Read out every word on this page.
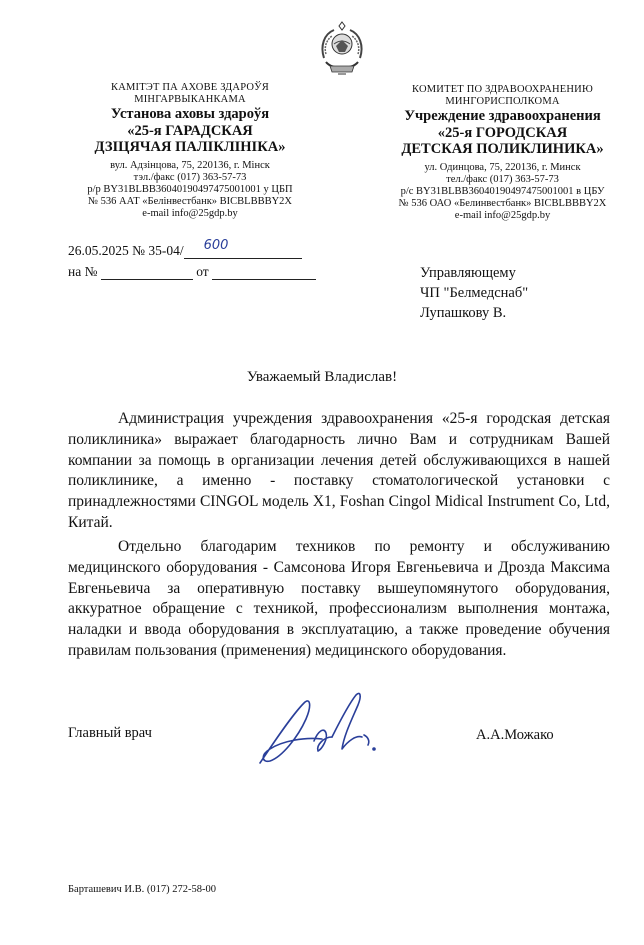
КАМІТЭТ ПА АХОВЕ ЗДАРОЎЯ
МІНГАРВЫКАНКАМА
Установа аховы здароўя
«25-я ГАРАДСКАЯ
ДЗІЦЯЧАЯ ПАЛІКЛІНІКА»
вул. Адзінцова, 75, 220136, г. Мінск
тэл./факс (017) 363-57-73
р/р BY31BLBB36040190497475001001 у ЦБП
№ 536 ААТ «Белінвестбанк» BICBLBBBY2X
e-mail info@25gdp.by
КОМИТЕТ ПО ЗДРАВООХРАНЕНИЮ
МИНГОРИСПОЛКОМА
Учреждение здравоохранения
«25-я ГОРОДСКАЯ
ДЕТСКАЯ ПОЛИКЛИНИКА»
ул. Одинцова, 75, 220136, г. Минск
тел./факс (017) 363-57-73
р/с BY31BLBB36040190497475001001 в ЦБУ
№ 536 ОАО «Белинвестбанк» BICBLBBBY2X
e-mail info@25gdp.by
26.05.2025 № 35-04/ 600
на №	от	Управляющему
ЧП "Белмедснаб"
Лупашкову В.
Уважаемый Владислав!

Администрация учреждения здравоохранения «25-я городская детская поликлиника» выражает благодарность лично Вам и сотрудникам Вашей компании за помощь в организации лечения детей обслуживающихся в нашей поликлинике, а именно - поставку стоматологической установки с принадлежностями CINGOL модель X1, Foshan Cingol Midical Instrument Co, Ltd, Китай.

Отдельно благодарим техников по ремонту и обслуживанию медицинского оборудования - Самсонова Игоря Евгеньевича и Дрозда Максима Евгеньевича за оперативную поставку вышеупомянутого оборудования, аккуратное обращение с техникой, профессионализм выполнения монтажа, наладки и ввода оборудования в эксплуатацию, а также проведение обучения правилам пользования (применения) медицинского оборудования.

Главный врач	А.А.Можако
Барташевич И.В. (017) 272-58-00
